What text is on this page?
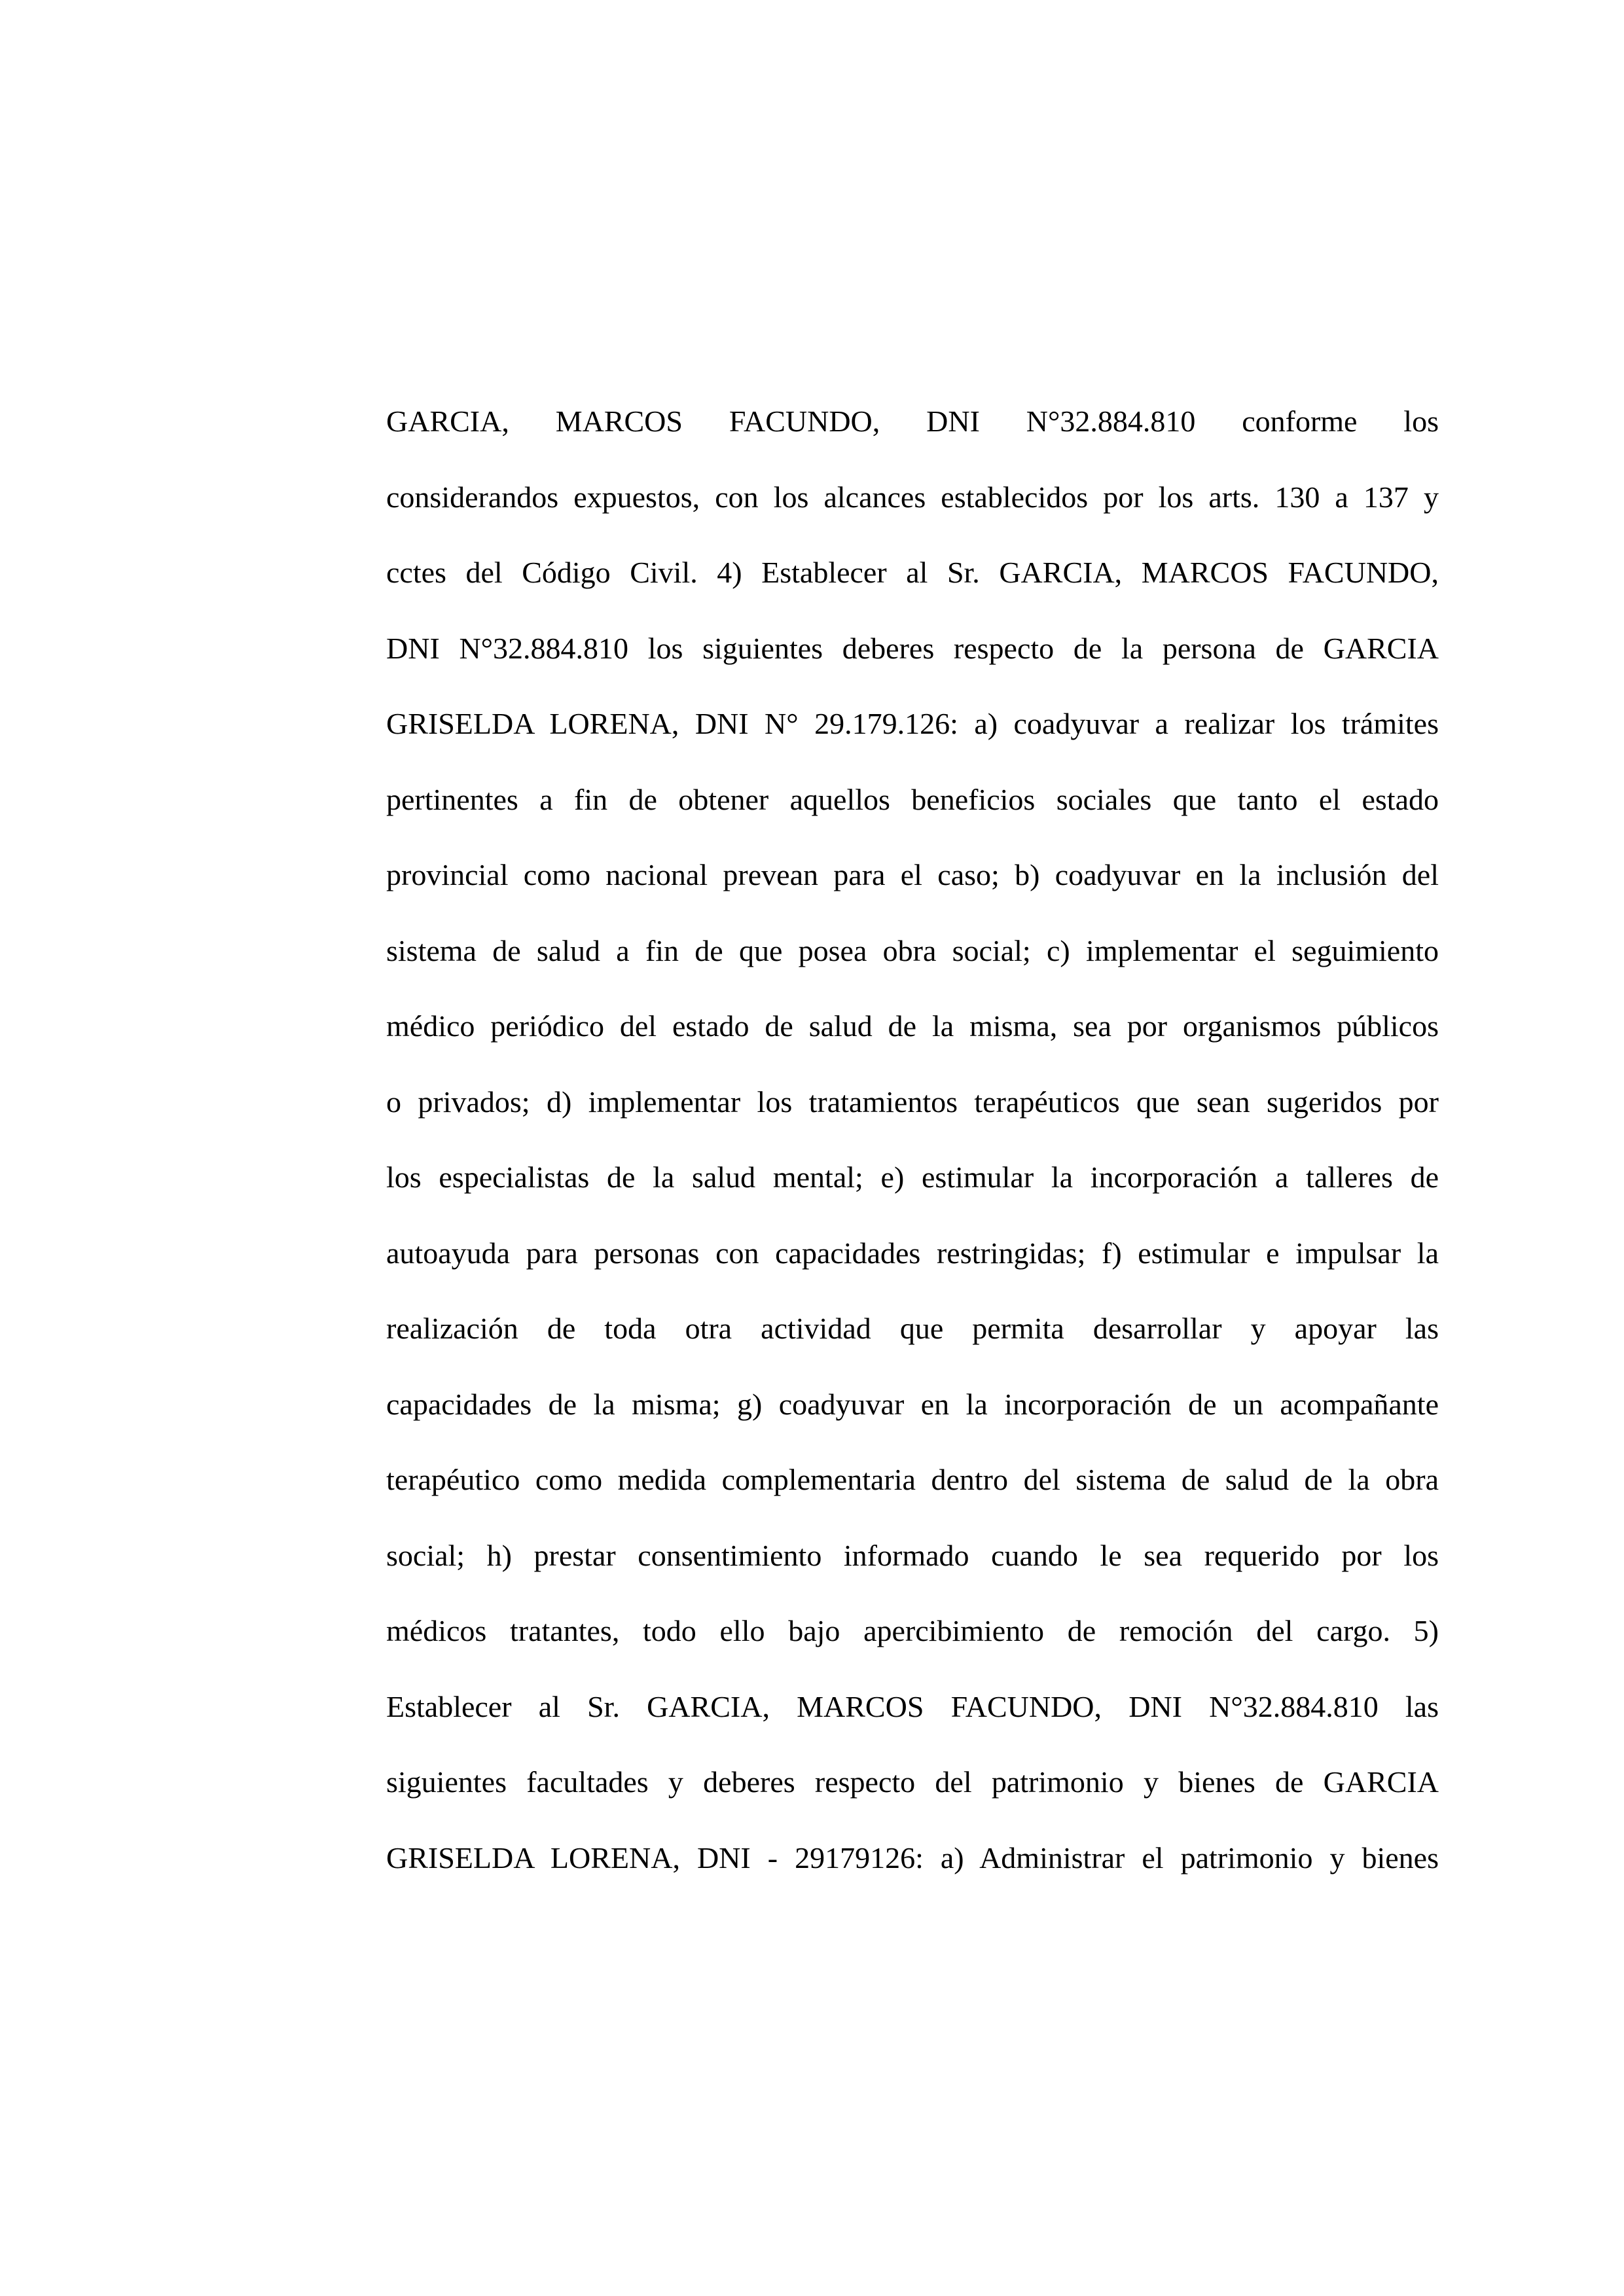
GARCIA, MARCOS FACUNDO, DNI N°32.884.810 conforme los
considerandos expuestos, con los alcances establecidos por los arts. 130 a 137 y
cctes del Código Civil. 4) Establecer al Sr. GARCIA, MARCOS FACUNDO,
DNI N°32.884.810 los siguientes deberes respecto de la persona de GARCIA
GRISELDA LORENA, DNI N° 29.179.126: a) coadyuvar a realizar los trámites
pertinentes a fin de obtener aquellos beneficios sociales que tanto el estado
provincial como nacional prevean para el caso; b) coadyuvar en la inclusión del
sistema de salud a fin de que posea obra social; c) implementar el seguimiento
médico periódico del estado de salud de la misma, sea por organismos públicos
o privados; d) implementar los tratamientos terapéuticos que sean sugeridos por
los especialistas de la salud mental; e) estimular la incorporación a talleres de
autoayuda para personas con capacidades restringidas; f) estimular e impulsar la
realización de toda otra actividad que permita desarrollar y apoyar las
capacidades de la misma; g) coadyuvar en la incorporación de un acompañante
terapéutico como medida complementaria dentro del sistema de salud de la obra
social; h) prestar consentimiento informado cuando le sea requerido por los
médicos tratantes, todo ello bajo apercibimiento de remoción del cargo. 5)
Establecer al Sr. GARCIA, MARCOS FACUNDO, DNI N°32.884.810 las
siguientes facultades y deberes respecto del patrimonio y bienes de GARCIA
GRISELDA LORENA, DNI - 29179126: a) Administrar el patrimonio y bienes
